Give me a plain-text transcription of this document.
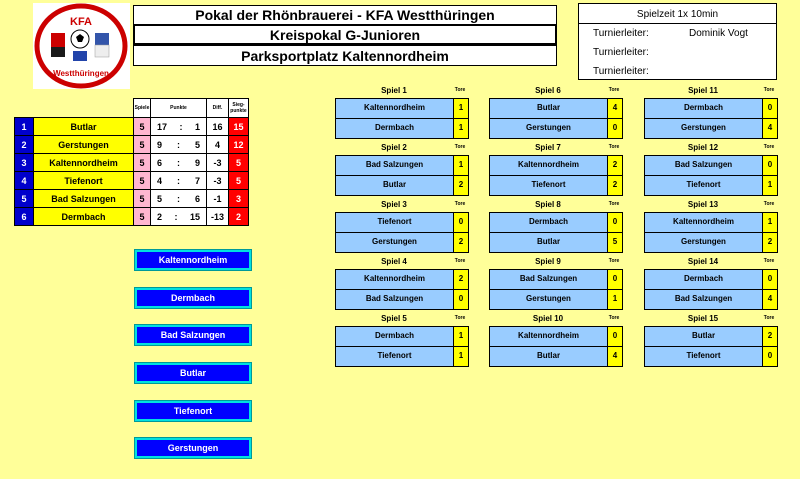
KFA
Westthüringen
Pokal der Rhönbrauerei - KFA Westthüringen
Kreispokal G-Junioren
Parksportplatz Kaltennordheim
Spielzeit 1x 10min
Turnierleiter:	Dominik Vogt
Turnierleiter:
Turnierleiter:
		Spiele	Punkte	Diff.	Sieg-punkte
1	Butlar	5	17 : 1	16	15
2	Gerstungen	5	9 : 5	4	12
3	Kaltennordheim	5	6 : 9	-3	5
4	Tiefenort	5	4 : 7	-3	5
5	Bad Salzungen	5	5 : 6	-1	3
6	Dermbach	5	2 : 15	-13	2
Kaltennordheim
Dermbach
Bad Salzungen
Butlar
Tiefenort
Gerstungen
Spiel 1	Tore
Kaltennordheim	1
Dermbach	1
Spiel 2	Tore
Bad Salzungen	1
Butlar	2
Spiel 3	Tore
Tiefenort	0
Gerstungen	2
Spiel 4	Tore
Kaltennordheim	2
Bad Salzungen	0
Spiel 5	Tore
Dermbach	1
Tiefenort	1
Spiel 6	Tore
Butlar	4
Gerstungen	0
Spiel 7	Tore
Kaltennordheim	2
Tiefenort	2
Spiel 8	Tore
Dermbach	0
Butlar	5
Spiel 9	Tore
Bad Salzungen	0
Gerstungen	1
Spiel 10	Tore
Kaltennordheim	0
Butlar	4
Spiel 11	Tore
Dermbach	0
Gerstungen	4
Spiel 12	Tore
Bad Salzungen	0
Tiefenort	1
Spiel 13	Tore
Kaltennordheim	1
Gerstungen	2
Spiel 14	Tore
Dermbach	0
Bad Salzungen	4
Spiel 15	Tore
Butlar	2
Tiefenort	0
